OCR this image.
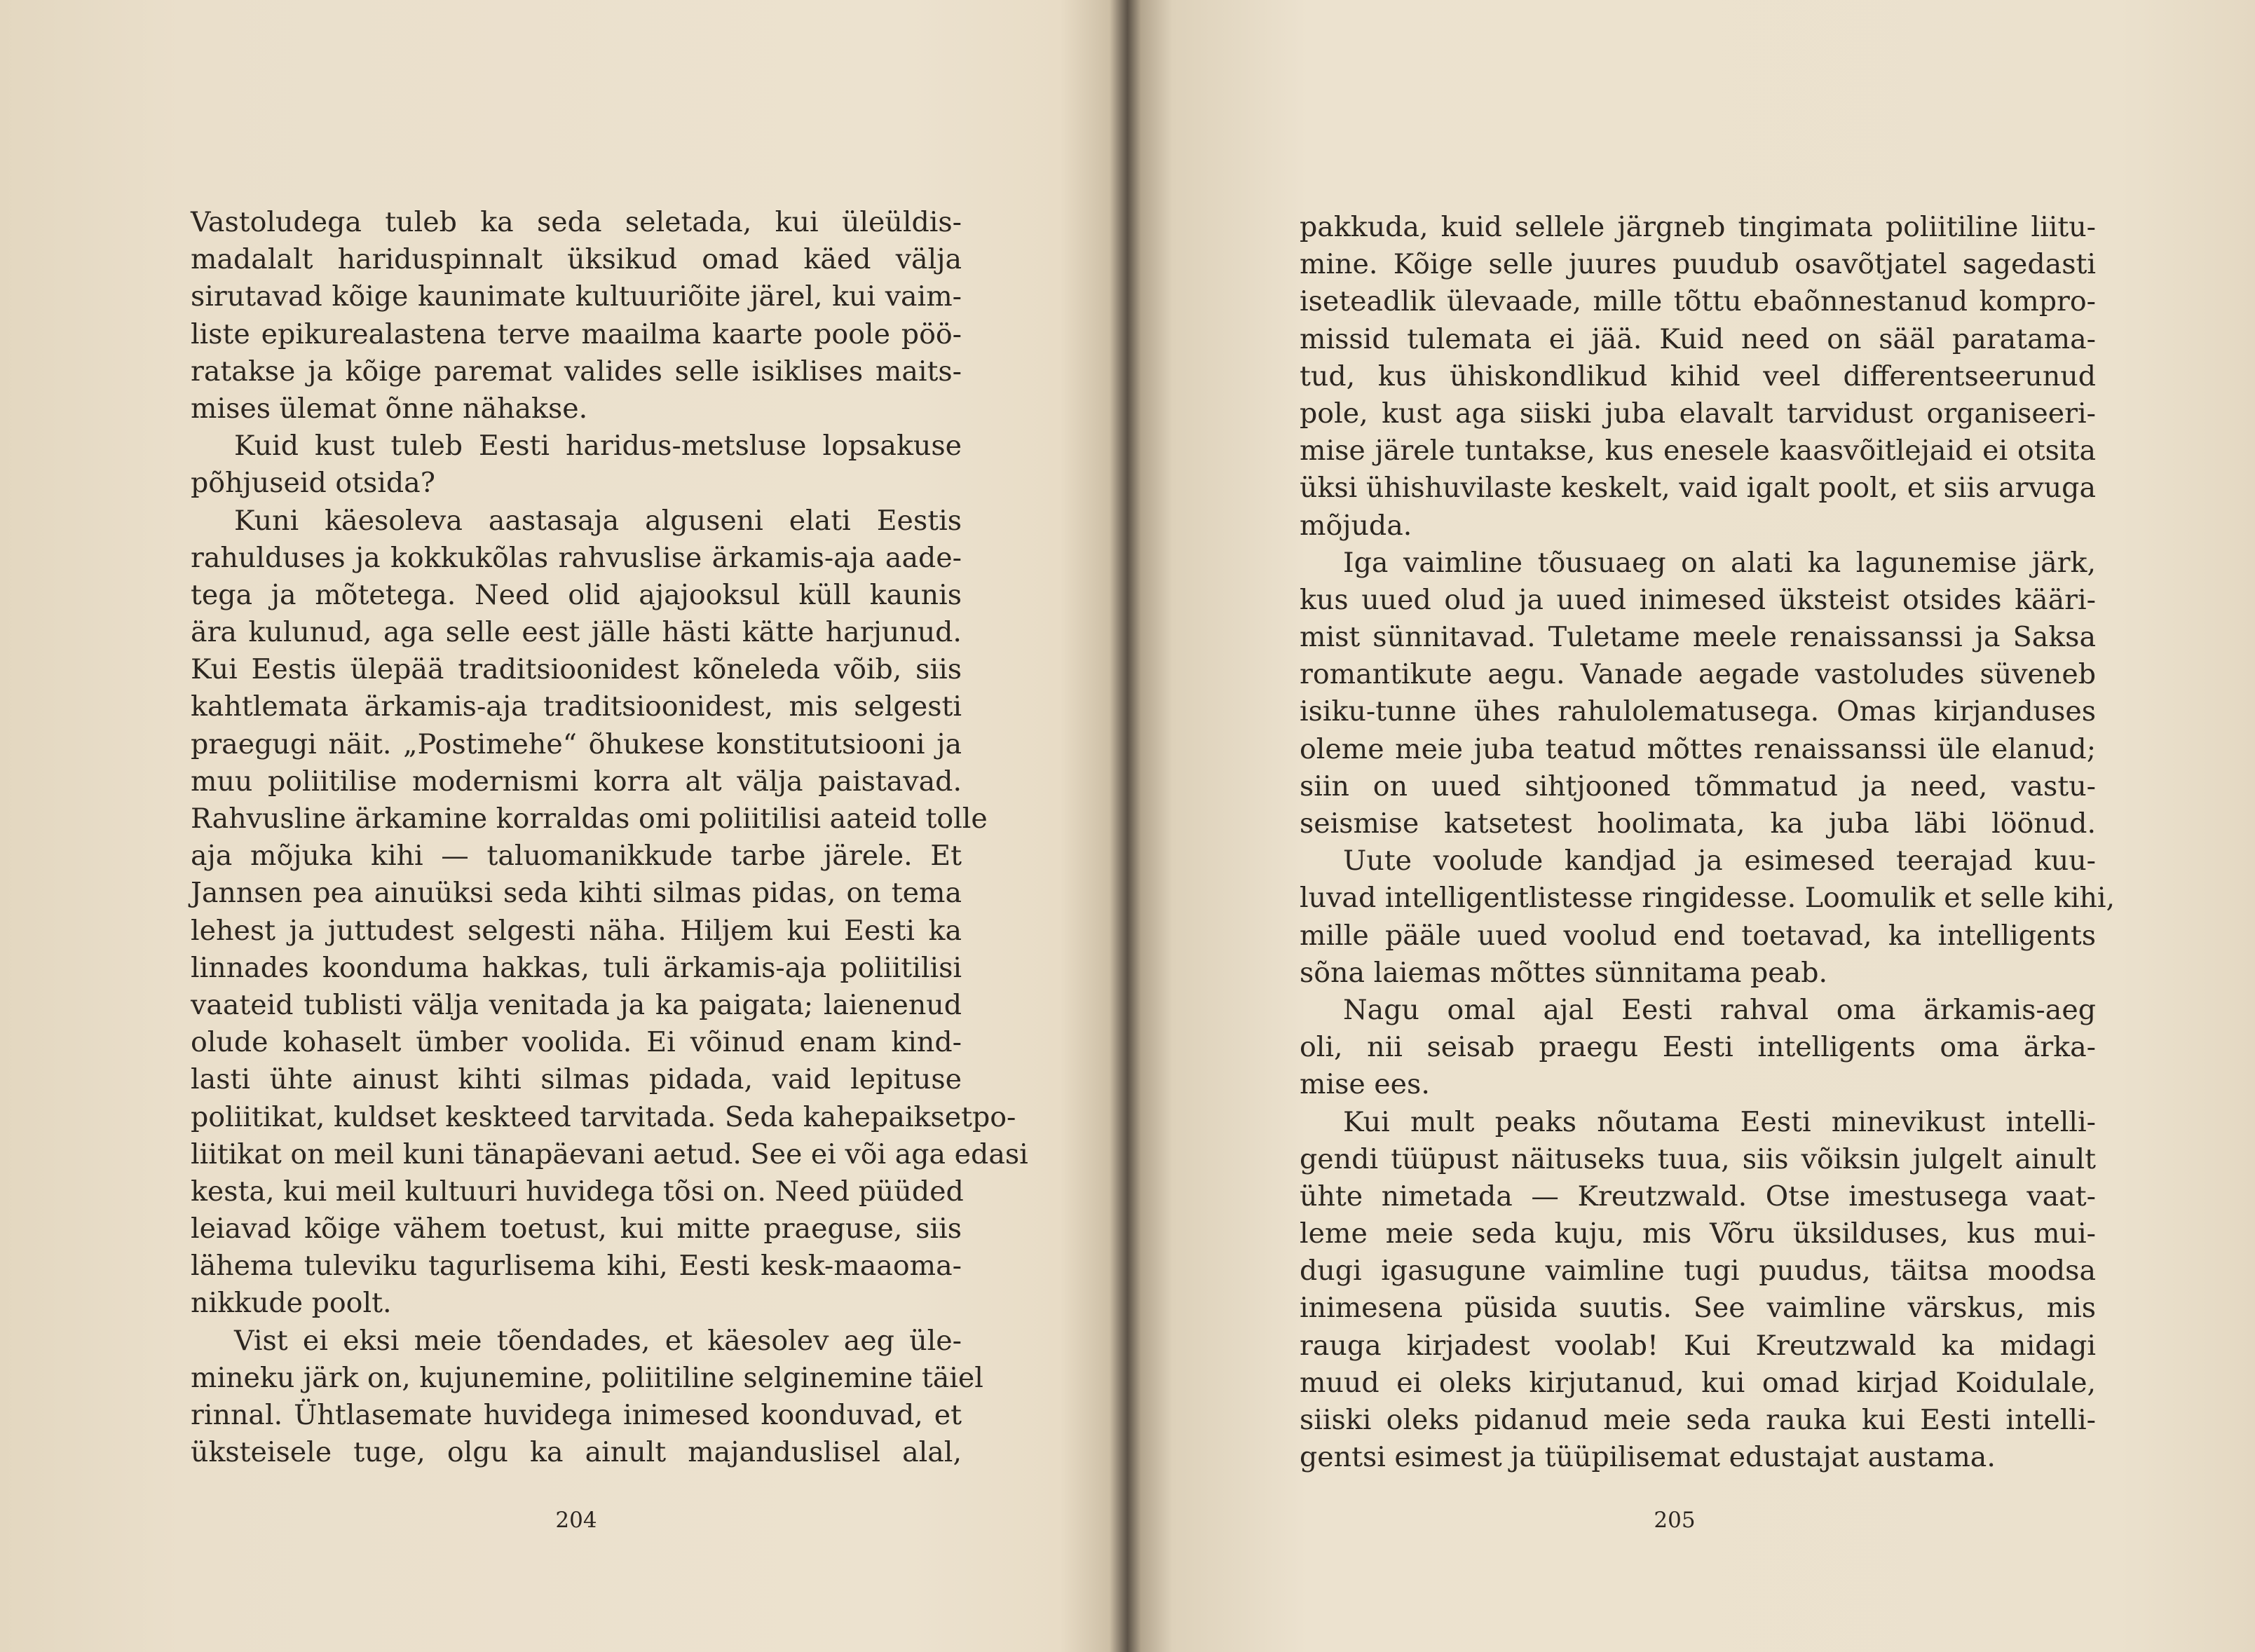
Vastoludega tuleb ka seda seletada, kui üleüldis-
madalalt hariduspinnalt üksikud omad käed välja
sirutavad kõige kaunimate kultuuriõite järel, kui vaim-
liste epikurealastena terve maailma kaarte poole pöö-
ratakse ja kõige paremat valides selle isiklises maits-
mises ülemat õnne nähakse.
Kuid kust tuleb Eesti haridus-metsluse lopsakuse
põhjuseid otsida?
Kuni käesoleva aastasaja alguseni elati Eestis
rahulduses ja kokkukõlas rahvuslise ärkamis-aja aade-
tega ja mõtetega. Need olid ajajooksul küll kaunis
ära kulunud, aga selle eest jälle hästi kätte harjunud.
Kui Eestis ülepää traditsioonidest kõneleda võib, siis
kahtlemata ärkamis-aja traditsioonidest, mis selgesti
praegugi näit. „Postimehe“ õhukese konstitutsiooni ja
muu poliitilise modernismi korra alt välja paistavad.
Rahvusline ärkamine korraldas omi poliitilisi aateid tolle
aja mõjuka kihi — taluomanikkude tarbe järele. Et
Jannsen pea ainuüksi seda kihti silmas pidas, on tema
lehest ja juttudest selgesti näha. Hiljem kui Eesti ka
linnades koonduma hakkas, tuli ärkamis-aja poliitilisi
vaateid tublisti välja venitada ja ka paigata; laienenud
olude kohaselt ümber voolida. Ei võinud enam kind-
lasti ühte ainust kihti silmas pidada, vaid lepituse
poliitikat, kuldset keskteed tarvitada. Seda kahepaiksetpo-
liitikat on meil kuni tänapäevani aetud. See ei või aga edasi
kesta, kui meil kultuuri huvidega tõsi on. Need püüded
leiavad kõige vähem toetust, kui mitte praeguse, siis
lähema tuleviku tagurlisema kihi, Eesti kesk-maaoma-
nikkude poolt.
Vist ei eksi meie tõendades, et käesolev aeg üle-
mineku järk on, kujunemine, poliitiline selginemine täiel
rinnal. Ühtlasemate huvidega inimesed koonduvad, et
üksteisele tuge, olgu ka ainult majanduslisel alal,
204
pakkuda, kuid sellele järgneb tingimata poliitiline liitu-
mine. Kõige selle juures puudub osavõtjatel sagedasti
iseteadlik ülevaade, mille tõttu ebaõnnestanud kompro-
missid tulemata ei jää. Kuid need on sääl paratama-
tud, kus ühiskondlikud kihid veel differentseerunud
pole, kust aga siiski juba elavalt tarvidust organiseeri-
mise järele tuntakse, kus enesele kaasvõitlejaid ei otsita
üksi ühishuvilaste keskelt, vaid igalt poolt, et siis arvuga
mõjuda.
Iga vaimline tõusuaeg on alati ka lagunemise järk,
kus uued olud ja uued inimesed üksteist otsides kääri-
mist sünnitavad. Tuletame meele renaissanssi ja Saksa
romantikute aegu. Vanade aegade vastoludes süveneb
isiku-tunne ühes rahulolematusega. Omas kirjanduses
oleme meie juba teatud mõttes renaissanssi üle elanud;
siin on uued sihtjooned tõmmatud ja need, vastu-
seismise katsetest hoolimata, ka juba läbi löönud.
Uute voolude kandjad ja esimesed teerajad kuu-
luvad intelligentlistesse ringidesse. Loomulik et selle kihi,
mille pääle uued voolud end toetavad, ka intelligents
sõna laiemas mõttes sünnitama peab.
Nagu omal ajal Eesti rahval oma ärkamis-aeg
oli, nii seisab praegu Eesti intelligents oma ärka-
mise ees.
Kui mult peaks nõutama Eesti minevikust intelli-
gendi tüüpust näituseks tuua, siis võiksin julgelt ainult
ühte nimetada — Kreutzwald. Otse imestusega vaat-
leme meie seda kuju, mis Võru üksilduses, kus mui-
dugi igasugune vaimline tugi puudus, täitsa moodsa
inimesena püsida suutis. See vaimline värskus, mis
rauga kirjadest voolab! Kui Kreutzwald ka midagi
muud ei oleks kirjutanud, kui omad kirjad Koidulale,
siiski oleks pidanud meie seda rauka kui Eesti intelli-
gentsi esimest ja tüüpilisemat edustajat austama.
205
